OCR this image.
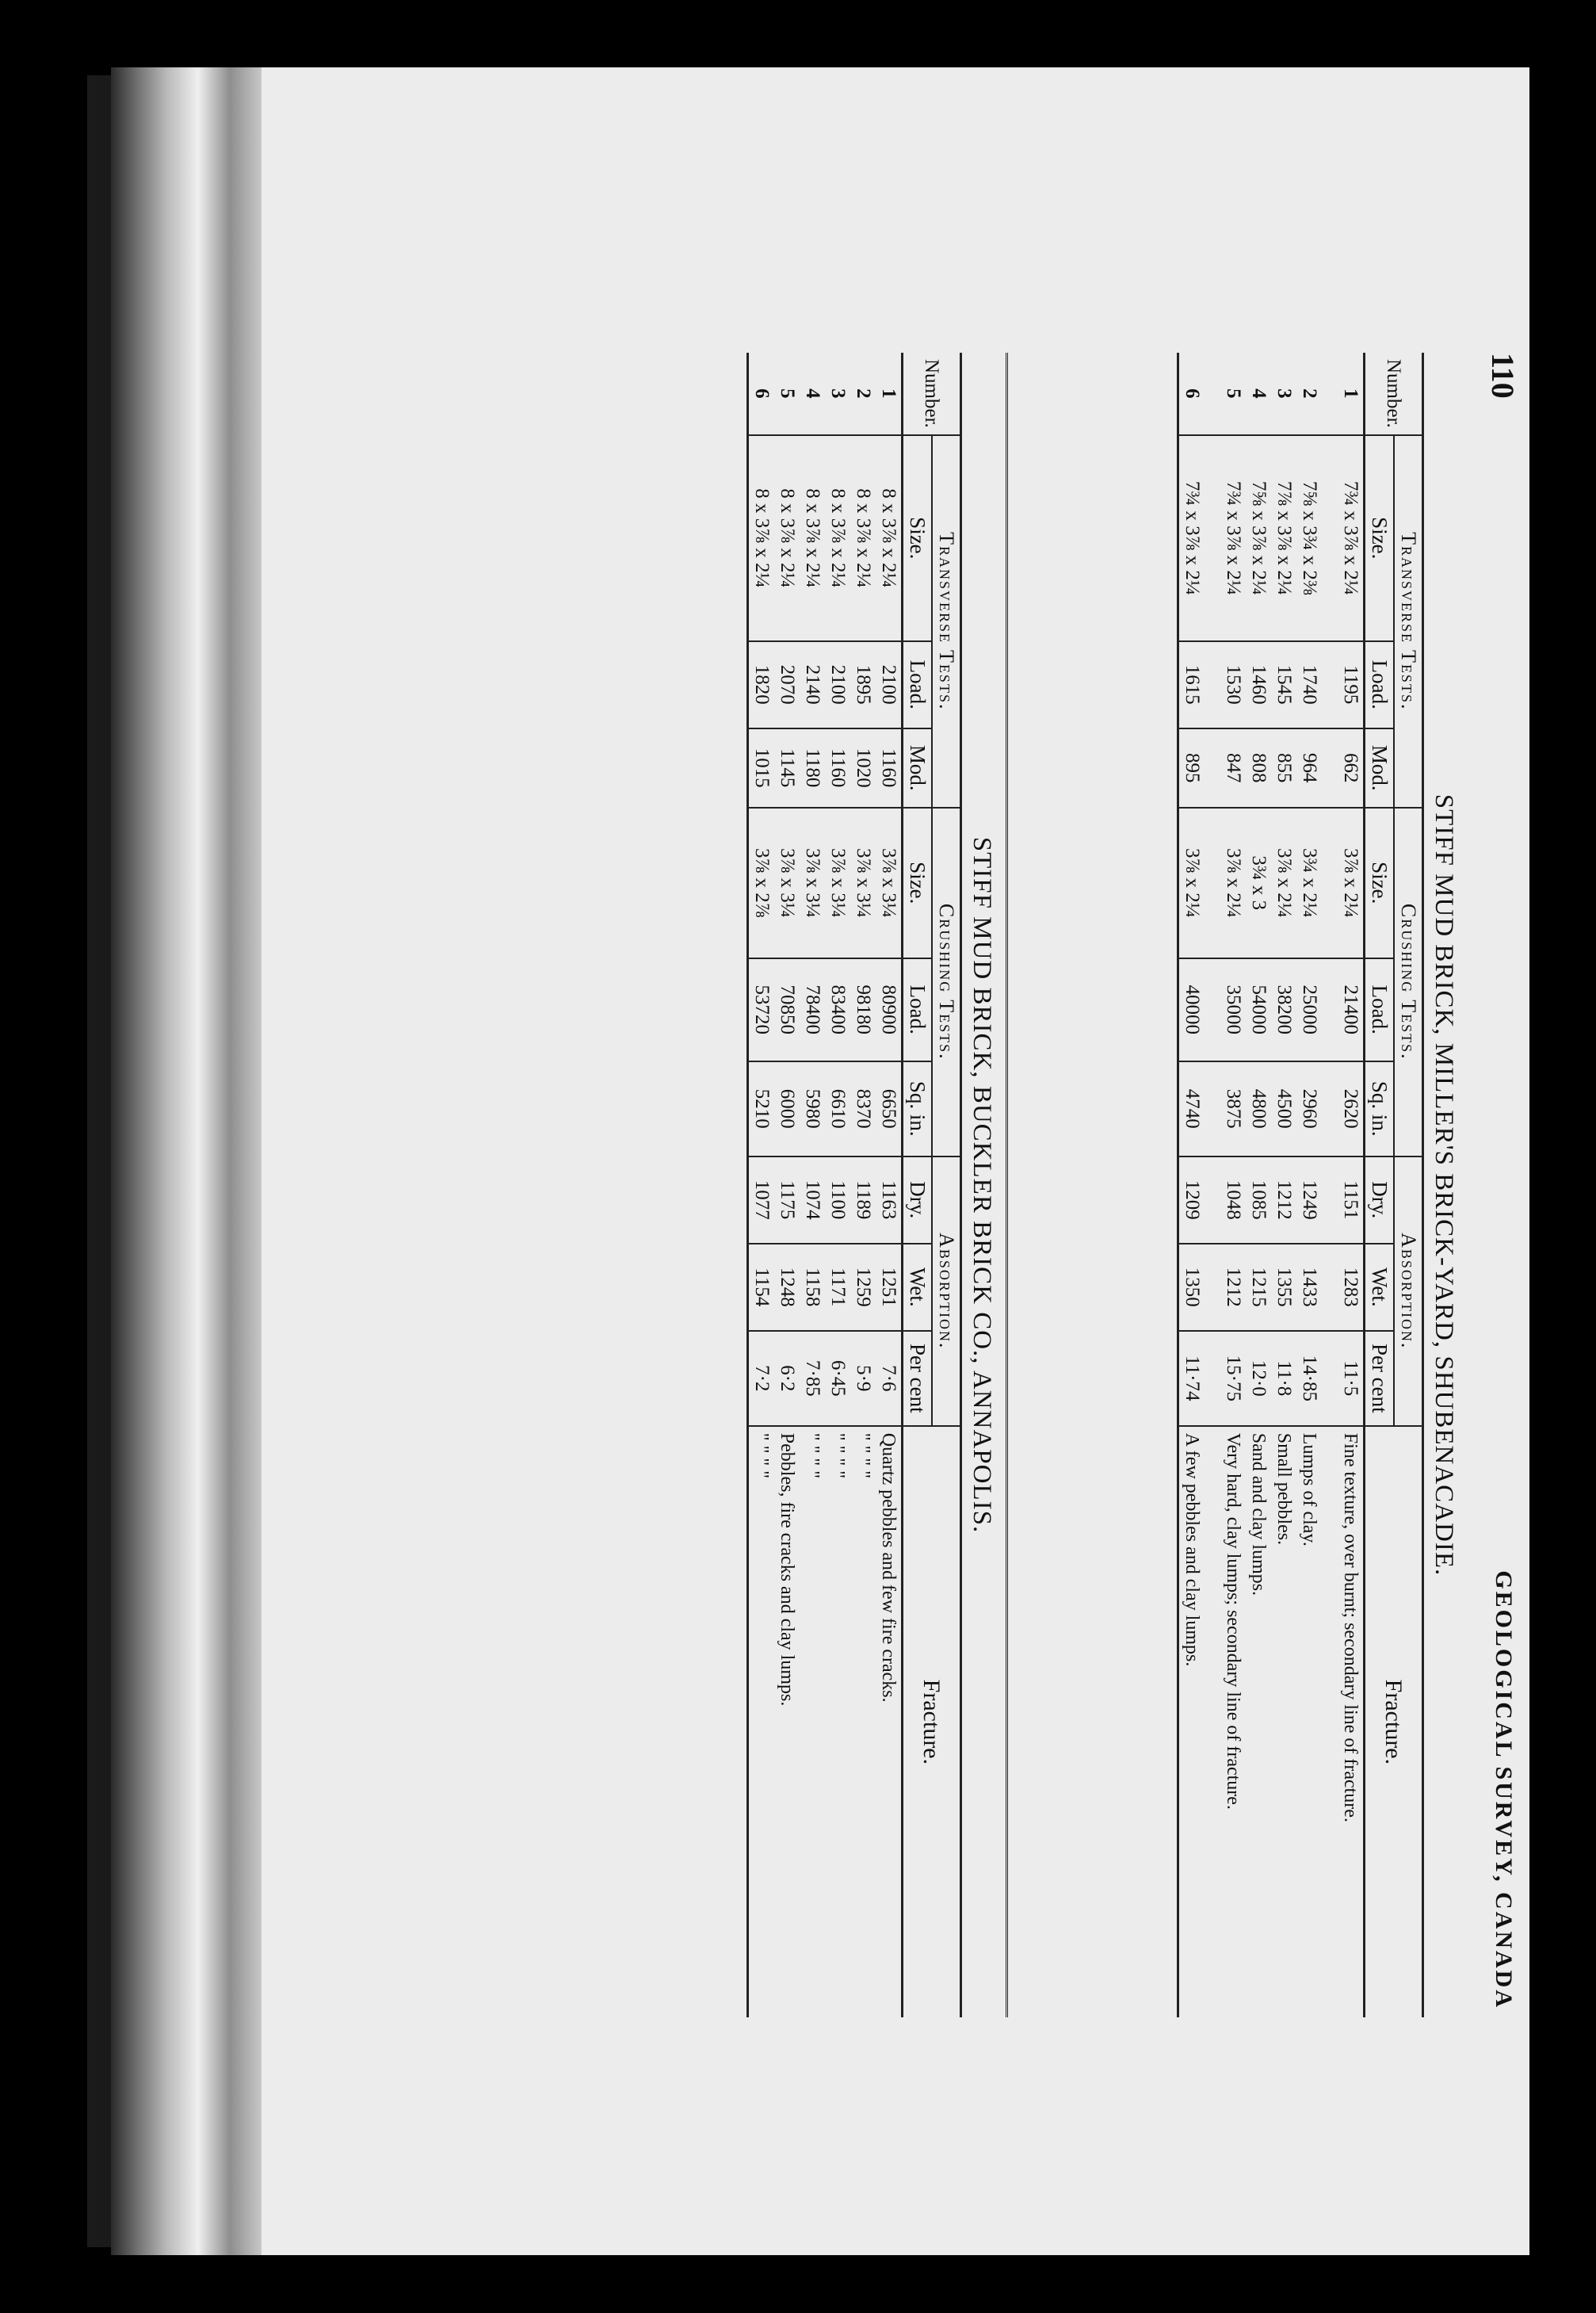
110
GEOLOGICAL SURVEY, CANADA

STIFF MUD BRICK, MILLER'S BRICK-YARD, SHUBENACADIE.

Number.	Transverse Tests.			Crushing Tests.			Absorption.			Fracture.
	Size.	Load.	Mod.	Size.	Load.	Sq. in.	Dry.	Wet.	Per cent	
1	7¾ x 3⅞ x 2¼	1195	662	3⅞ x 2¼	21400	2620	1151	1283	11·5	Fine texture, over burnt; secondary line of fracture.

2	7⅝ x 3¾ x 2⅜	1740	964	3¾ x 2¼	25000	2960	1249	1433	14·85	Lumps of clay.
3	7⅞ x 3⅞ x 2¼	1545	855	3⅞ x 2¼	38200	4500	1212	1355	11·8	Small pebbles.
4	7⅝ x 3⅞ x 2¼	1460	808	3¾ x 3	54000	4800	1085	1215	12·0	Sand and clay lumps.
5	7¾ x 3⅞ x 2¼	1530	847	3⅞ x 2¼	35000	3875	1048	1212	15·75	Very hard, clay lumps; secondary line of fracture.

6	7¾ x 3⅞ x 2¼	1615	895	3⅞ x 2¼	40000	4740	1209	1350	11·74	A few pebbles and clay lumps.

STIFF MUD BRICK, BUCKLER BRICK CO., ANNAPOLIS.

Number.	Transverse Tests.			Crushing Tests.			Absorption.			Fracture.
	Size.	Load.	Mod.	Size.	Load.	Sq. in.	Dry.	Wet.	Per cent	
1	8 x 3⅞ x 2¼	2100	1160	3⅞ x 3¼	80900	6650	1163	1251	7·6	Quartz pebbles and few fire cracks.
2	8 x 3⅞ x 2¼	1895	1020	3⅞ x 3¼	98180	8370	1189	1259	5·9	" " " "
3	8 x 3⅞ x 2¼	2100	1160	3⅞ x 3¼	83400	6610	1100	1171	6·45	" " " "
4	8 x 3⅞ x 2¼	2140	1180	3⅞ x 3¼	78400	5980	1074	1158	7·85	" " " "
5	8 x 3⅞ x 2¼	2070	1145	3⅞ x 3¼	70850	6000	1175	1248	6·2	Pebbles, fire cracks and clay lumps.
6	8 x 3⅞ x 2¼	1820	1015	3⅞ x 2⅞	53720	5210	1077	1154	7·2	" " " "
